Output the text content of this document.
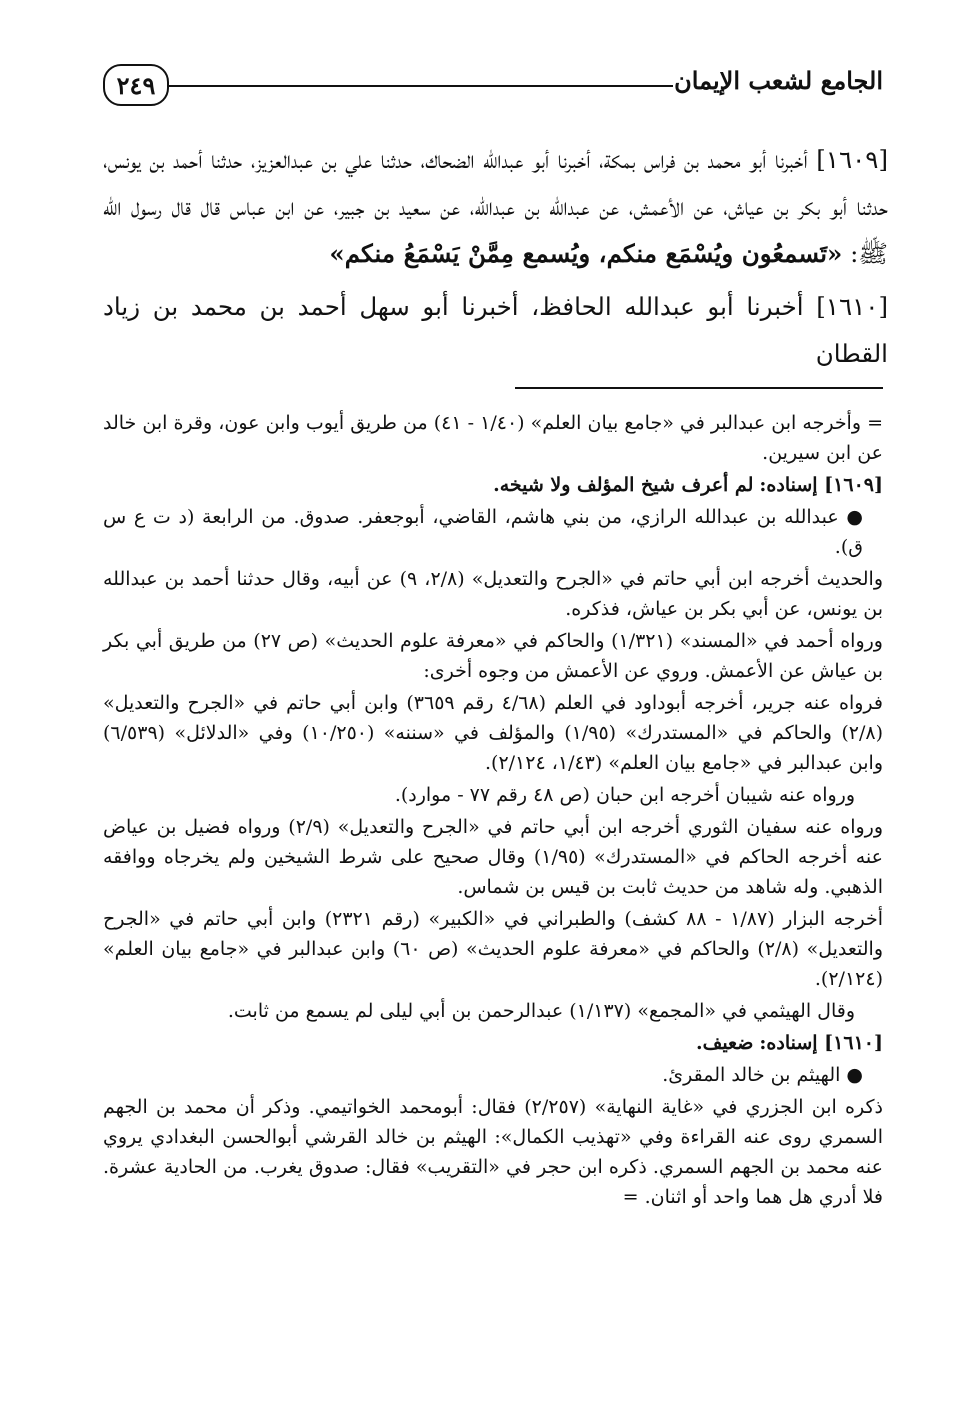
٢٤٩	الجامع لشعب الإيمان

[١٦٠٩] أخبرنا أبو محمد بن فراس بمكة، أخبرنا أبو عبدالله الضحاك، حدثنا علي بن عبدالعزيز، حدثنا أحمد بن يونس، حدثنا أبو بكر بن عياش، عن الأعمش، عن عبدالله بن عبدالله، عن سعيد بن جبير، عن ابن عباس قال قال رسول الله ﷺ: «تَسمعُون ويُسْمَع منكم، ويُسمع مِمَّنْ يَسْمَعُ منكم»

[١٦١٠] أخبرنا أبو عبدالله الحافظ، أخبرنا أبو سهل أحمد بن محمد بن زياد القطان

= وأخرجه ابن عبدالبر في «جامع بيان العلم» (١/٤٠ - ٤١) من طريق أيوب وابن عون، وقرة ابن خالد عن ابن سيرين.

[١٦٠٩] إسناده: لم أعرف شيخ المؤلف ولا شيخه.

● عبدالله بن عبدالله الرازي، من بني هاشم، القاضي، أبوجعفر. صدوق. من الرابعة (د ت ع س ق).

والحديث أخرجه ابن أبي حاتم في «الجرح والتعديل» (٢/٨، ٩) عن أبيه، وقال حدثنا أحمد بن عبدالله بن يونس، عن أبي بكر بن عياش، فذكره.

ورواه أحمد في «المسند» (١/٣٢١) والحاكم في «معرفة علوم الحديث» (ص ٢٧) من طريق أبي بكر بن عياش عن الأعمش. وروي عن الأعمش من وجوه أخرى:

فرواه عنه جرير، أخرجه أبوداود في العلم (٤/٦٨ رقم ٣٦٥٩) وابن أبي حاتم في «الجرح والتعديل» (٢/٨) والحاكم في «المستدرك» (١/٩٥) والمؤلف في «سننه» (١٠/٢٥٠) وفي «الدلائل» (٦/٥٣٩) وابن عبدالبر في «جامع بيان العلم» (١/٤٣، ٢/١٢٤).

ورواه عنه شيبان أخرجه ابن حبان (ص ٤٨ رقم ٧٧ - موارد).

ورواه عنه سفيان الثوري أخرجه ابن أبي حاتم في «الجرح والتعديل» (٢/٩) ورواه فضيل بن عياض عنه أخرجه الحاكم في «المستدرك» (١/٩٥) وقال صحيح على شرط الشيخين ولم يخرجاه ووافقه الذهبي. وله شاهد من حديث ثابت بن قيس بن شماس.

أخرجه البزار (١/٨٧ - ٨٨ كشف) والطبراني في «الكبير» (رقم ٢٣٢١) وابن أبي حاتم في «الجرح والتعديل» (٢/٨) والحاكم في «معرفة علوم الحديث» (ص ٦٠) وابن عبدالبر في «جامع بيان العلم» (٢/١٢٤).

وقال الهيثمي في «المجمع» (١/١٣٧) عبدالرحمن بن أبي ليلى لم يسمع من ثابت.

[١٦١٠] إسناده: ضعيف.

● الهيثم بن خالد المقرئ.

ذكره ابن الجزري في «غاية النهاية» (٢/٢٥٧) فقال: أبومحمد الخواتيمي. وذكر أن محمد بن الجهم السمري روى عنه القراءة وفي «تهذيب الكمال»: الهيثم بن خالد القرشي أبوالحسن البغدادي يروي عنه محمد بن الجهم السمري. ذكره ابن حجر في «التقريب» فقال: صدوق يغرب. من الحادية عشرة. فلا أدري هل هما واحد أو اثنان. =
